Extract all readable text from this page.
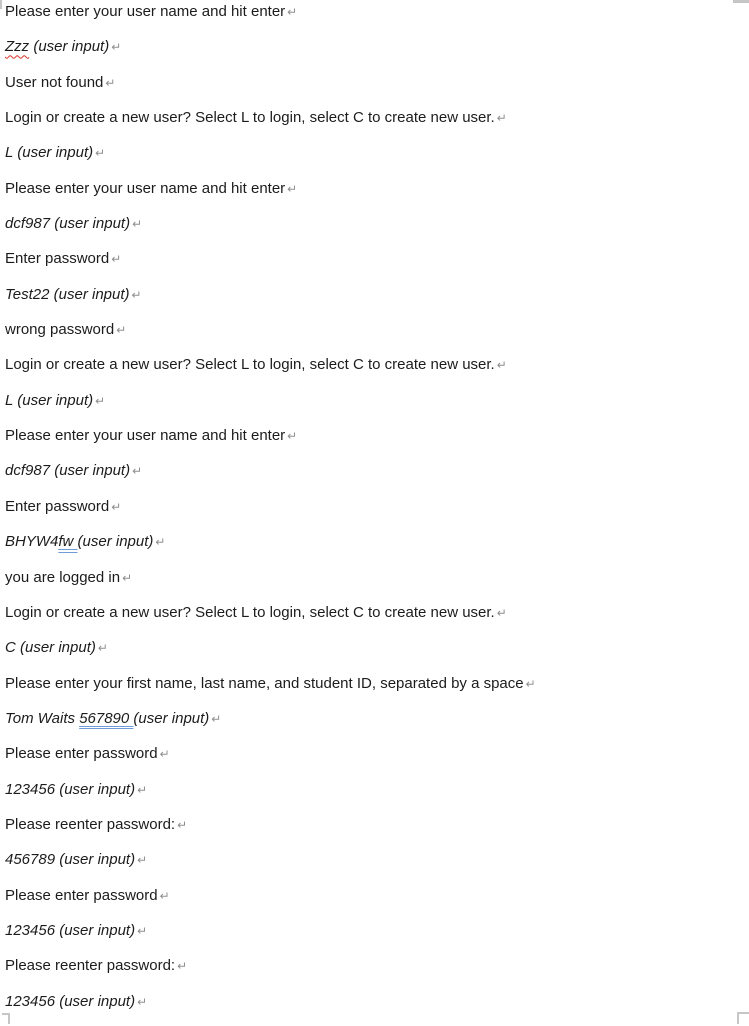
Please enter your user name and hit enter ↵
Zzz (user input) ↵
User not found ↵
Login or create a new user? Select L to login, select C to create new user. ↵
L (user input) ↵
Please enter your user name and hit enter ↵
dcf987 (user input) ↵
Enter password ↵
Test22 (user input) ↵
wrong password ↵
Login or create a new user? Select L to login, select C to create new user. ↵
L (user input) ↵
Please enter your user name and hit enter ↵
dcf987 (user input) ↵
Enter password ↵
BHYW4fw (user input) ↵
you are logged in ↵
Login or create a new user? Select L to login, select C to create new user. ↵
C (user input) ↵
Please enter your first name, last name, and student ID, separated by a space ↵
Tom Waits 567890 (user input) ↵
Please enter password ↵
123456 (user input) ↵
Please reenter password: ↵
456789 (user input) ↵
Please enter password ↵
123456 (user input) ↵
Please reenter password: ↵
123456 (user input) ↵
